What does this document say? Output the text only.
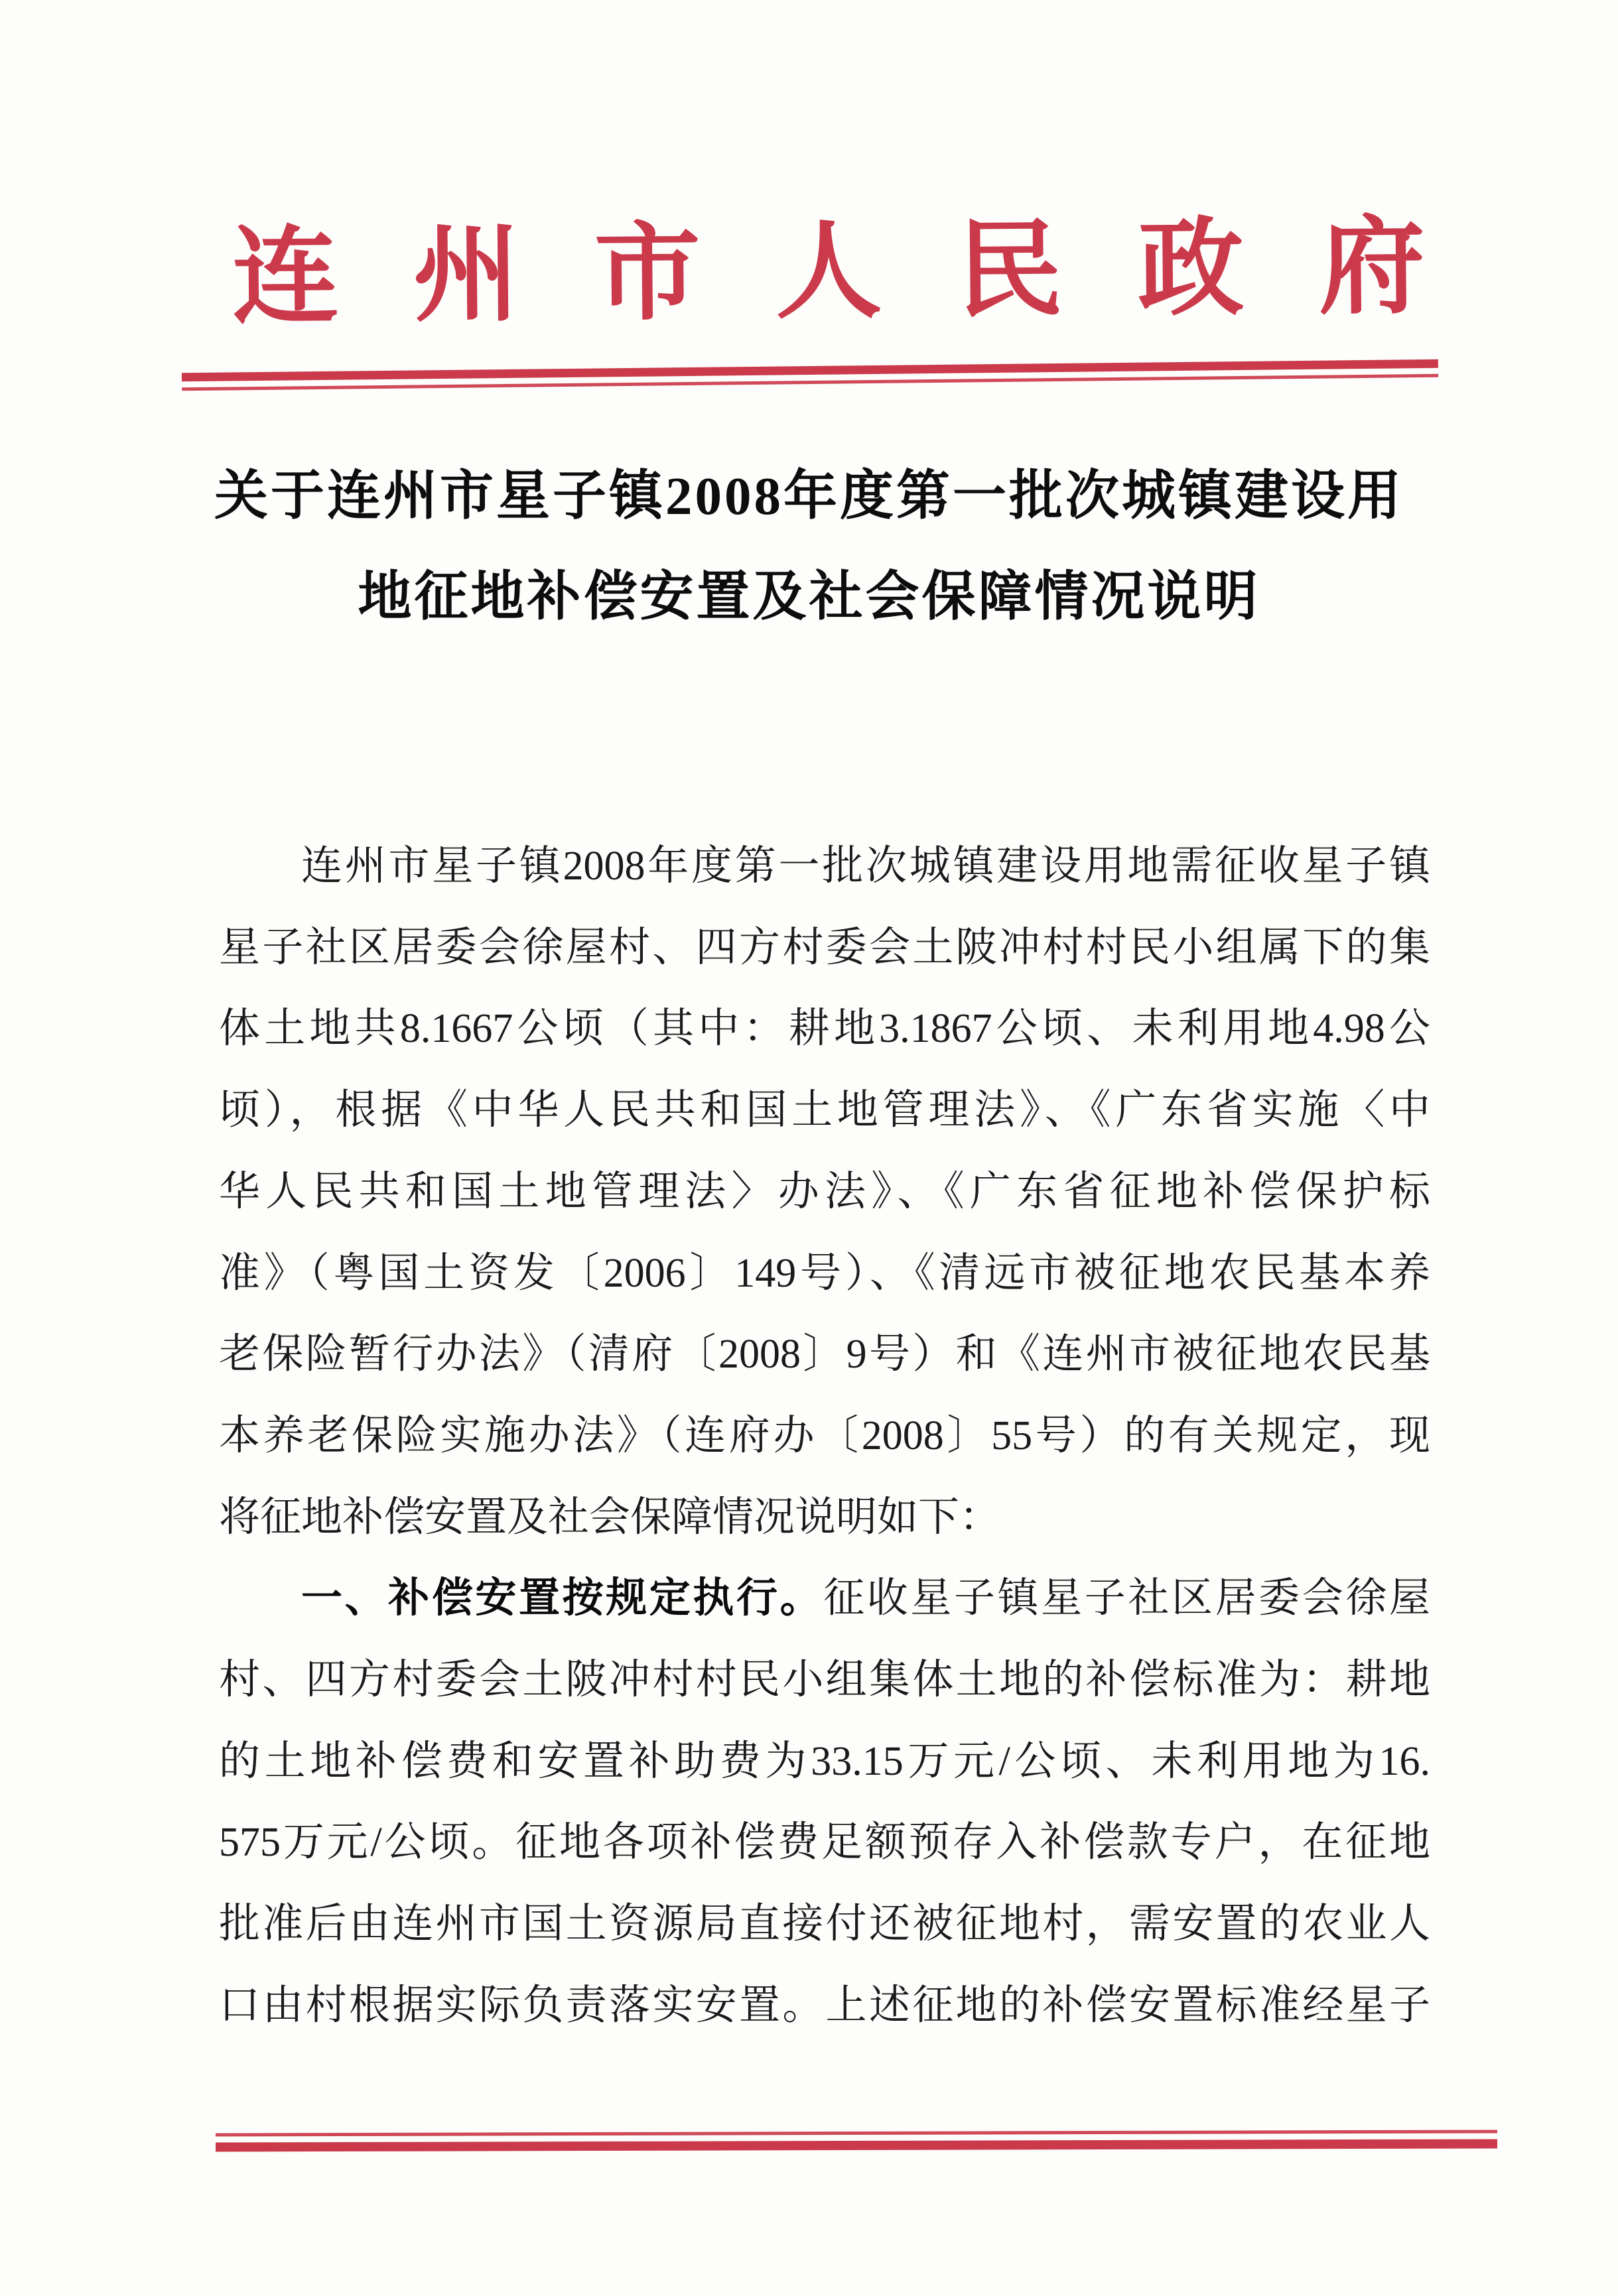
连州市人民政府
关于连州市星子镇2008年度第一批次城镇建设用
地征地补偿安置及社会保障情况说明
连州市星子镇2008年度第一批次城镇建设用地需征收星子镇
星子社区居委会徐屋村、四方村委会土陂冲村村民小组属下的集
体土地共8.1667公顷（其中：耕地3.1867公顷、未利用地4.98公
顷），根据《中华人民共和国土地管理法》、《广东省实施〈中
华人民共和国土地管理法〉办法》、《广东省征地补偿保护标
准》（粤国土资发〔2006〕149号）、《清远市被征地农民基本养
老保险暂行办法》（清府〔2008〕9号）和《连州市被征地农民基
本养老保险实施办法》（连府办〔2008〕55号）的有关规定，现
将征地补偿安置及社会保障情况说明如下：
一、补偿安置按规定执行。征收星子镇星子社区居委会徐屋
村、四方村委会土陂冲村村民小组集体土地的补偿标准为：耕地
的土地补偿费和安置补助费为33.15万元/公顷、未利用地为16.
575万元/公顷。征地各项补偿费足额预存入补偿款专户，在征地
批准后由连州市国土资源局直接付还被征地村，需安置的农业人
口由村根据实际负责落实安置。上述征地的补偿安置标准经星子
